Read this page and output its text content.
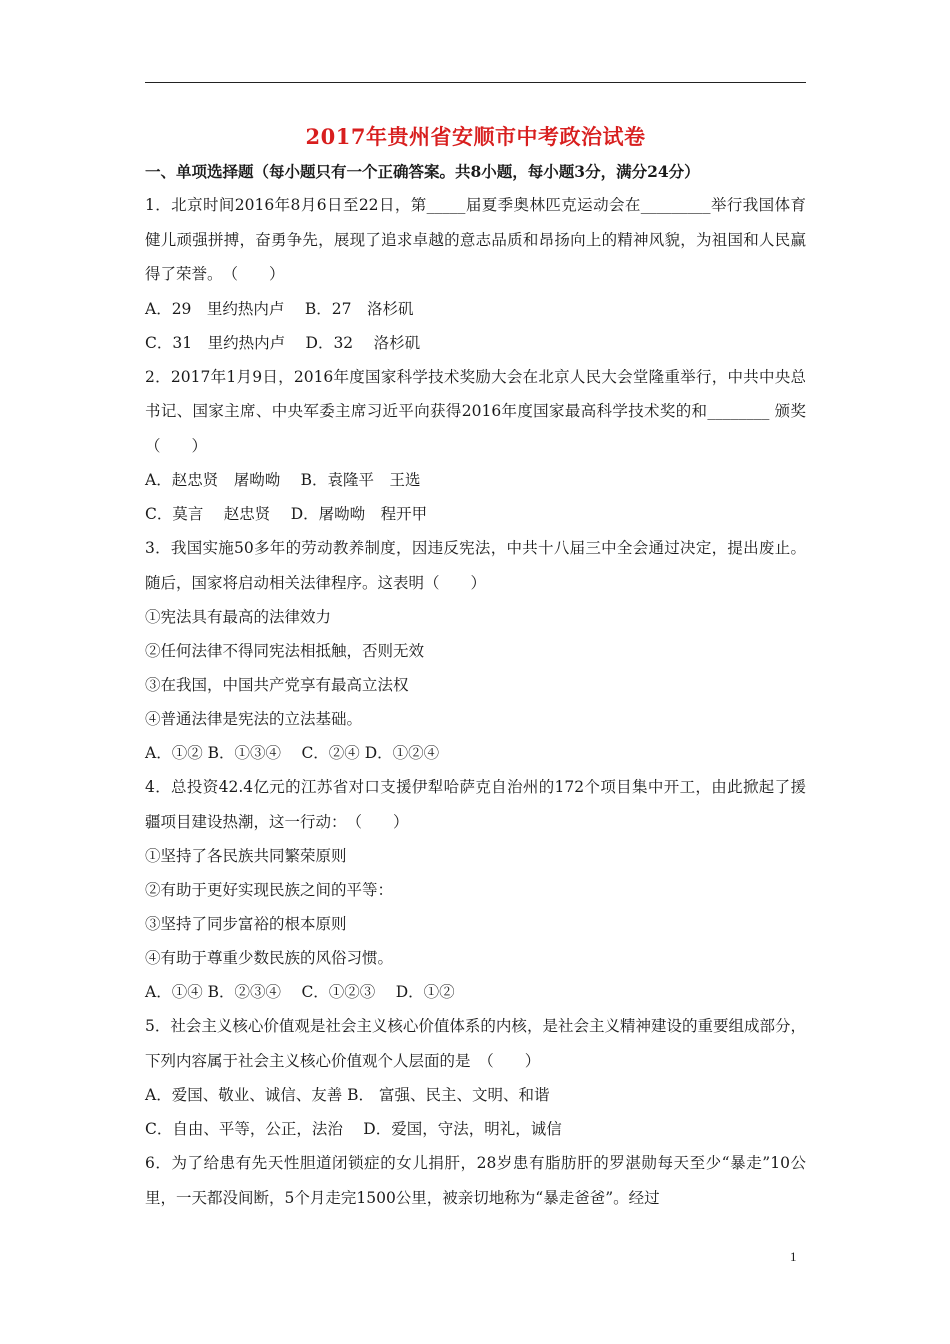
2017年贵州省安顺市中考政治试卷
一、单项选择题（每小题只有一个正确答案。共8小题，每小题3分，满分24分）
1．北京时间2016年8月6日至22日，第_____届夏季奥林匹克运动会在_________举行我国体育健儿顽强拼搏，奋勇争先，展现了追求卓越的意志品质和昂扬向上的精神风貌，为祖国和人民赢得了荣誉。　（　　）
A．29　里约热内卢　 B．27　洛杉矶
C．31　里约热内卢　 D．32　 洛杉矶
2．2017年1月9日，2016年度国家科学技术奖励大会在北京人民大会堂隆重举行，中共中央总书记、国家主席、中央军委主席习近平向获得2016年度国家最高科学技术奖的和________ 颁奖　（　　）
A．赵忠贤　屠呦呦　 B．袁隆平　王选
C．莫言　 赵忠贤　 D．屠呦呦　程开甲
3．我国实施50多年的劳动教养制度，因违反宪法，中共十八届三中全会通过决定，提出废止。随后，国家将启动相关法律程序。这表明（　　）
①宪法具有最高的法律效力
②任何法律不得同宪法相抵触，否则无效
③在我国，中国共产党享有最高立法权
④普通法律是宪法的立法基础。
A．①② B．①③④　 C．②④ D．①②④
4．总投资42.4亿元的江苏省对口支援伊犁哈萨克自治州的172个项目集中开工，由此掀起了援疆项目建设热潮，这一行动：　（　　）
①坚持了各民族共同繁荣原则
②有助于更好实现民族之间的平等：
③坚持了同步富裕的根本原则
④有助于尊重少数民族的风俗习惯。
A．①④ B．②③④　 C．①②③　 D．①②
5．社会主义核心价值观是社会主义核心价值体系的内核，是社会主义精神建设的重要组成部分，下列内容属于社会主义核心价值观个人层面的是　（　　）
A．爱国、敬业、诚信、友善 B． 富强、民主、文明、和谐
C．自由、平等，公正，法治　 D．爱国，守法，明礼，诚信
6．为了给患有先天性胆道闭锁症的女儿捐肝，28岁患有脂肪肝的罗湛勋每天至少“暴走”10公里，一天都没间断，5个月走完1500公里，被亲切地称为“暴走爸爸”。经过
1
